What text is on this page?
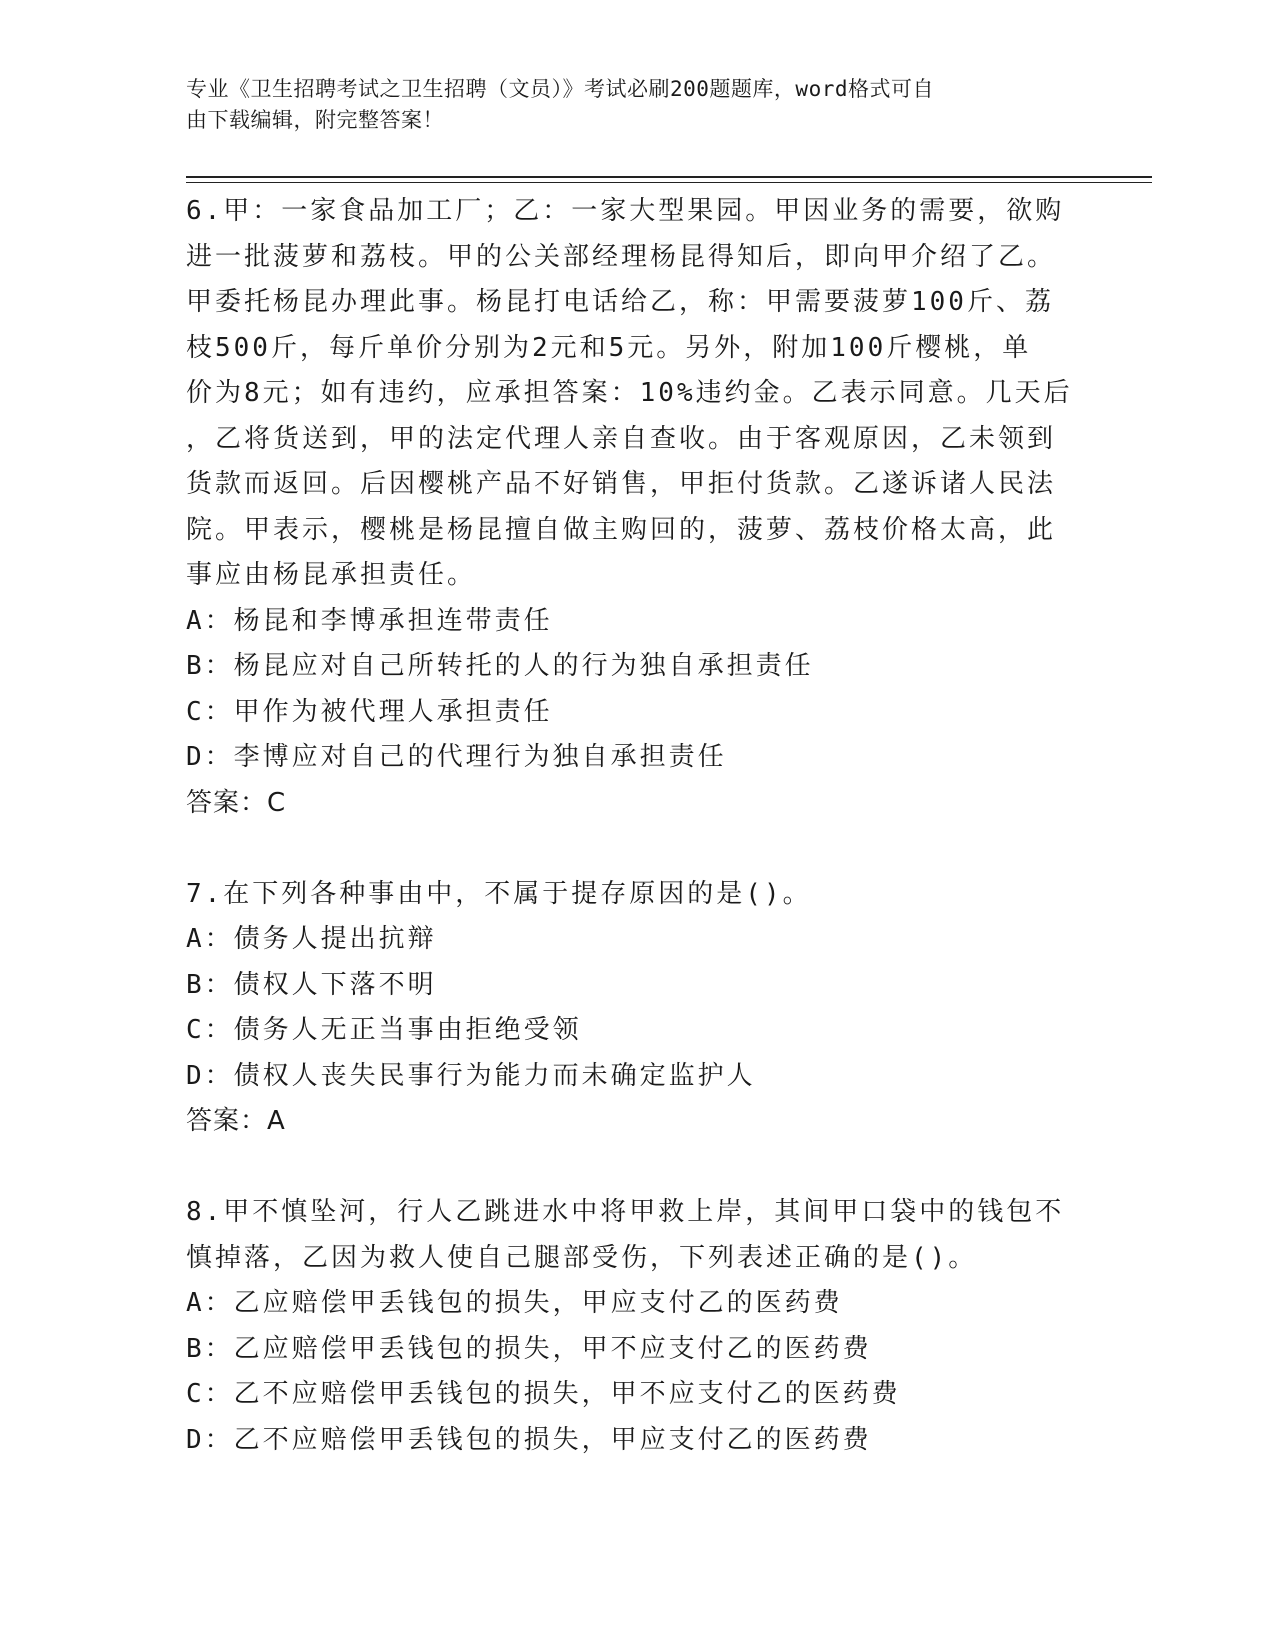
专业《卫生招聘考试之卫生招聘（文员）》考试必刷200题题库，word格式可自
由下载编辑，附完整答案！
6.甲：一家食品加工厂；乙：一家大型果园。甲因业务的需要，欲购
进一批菠萝和荔枝。甲的公关部经理杨昆得知后，即向甲介绍了乙。
甲委托杨昆办理此事。杨昆打电话给乙，称：甲需要菠萝100斤、荔
枝500斤，每斤单价分别为2元和5元。另外，附加100斤樱桃，单
价为8元；如有违约，应承担答案：10%违约金。乙表示同意。几天后
，乙将货送到，甲的法定代理人亲自查收。由于客观原因，乙未领到
货款而返回。后因樱桃产品不好销售，甲拒付货款。乙遂诉诸人民法
院。甲表示，樱桃是杨昆擅自做主购回的，菠萝、荔枝价格太高，此
事应由杨昆承担责任。
A：杨昆和李博承担连带责任
B：杨昆应对自己所转托的人的行为独自承担责任
C：甲作为被代理人承担责任
D：李博应对自己的代理行为独自承担责任
答案：C
7.在下列各种事由中，不属于提存原因的是()。
A：债务人提出抗辩
B：债权人下落不明
C：债务人无正当事由拒绝受领
D：债权人丧失民事行为能力而未确定监护人
答案：A
8.甲不慎坠河，行人乙跳进水中将甲救上岸，其间甲口袋中的钱包不
慎掉落，乙因为救人使自己腿部受伤，下列表述正确的是()。
A：乙应赔偿甲丢钱包的损失，甲应支付乙的医药费
B：乙应赔偿甲丢钱包的损失，甲不应支付乙的医药费
C：乙不应赔偿甲丢钱包的损失，甲不应支付乙的医药费
D：乙不应赔偿甲丢钱包的损失，甲应支付乙的医药费
